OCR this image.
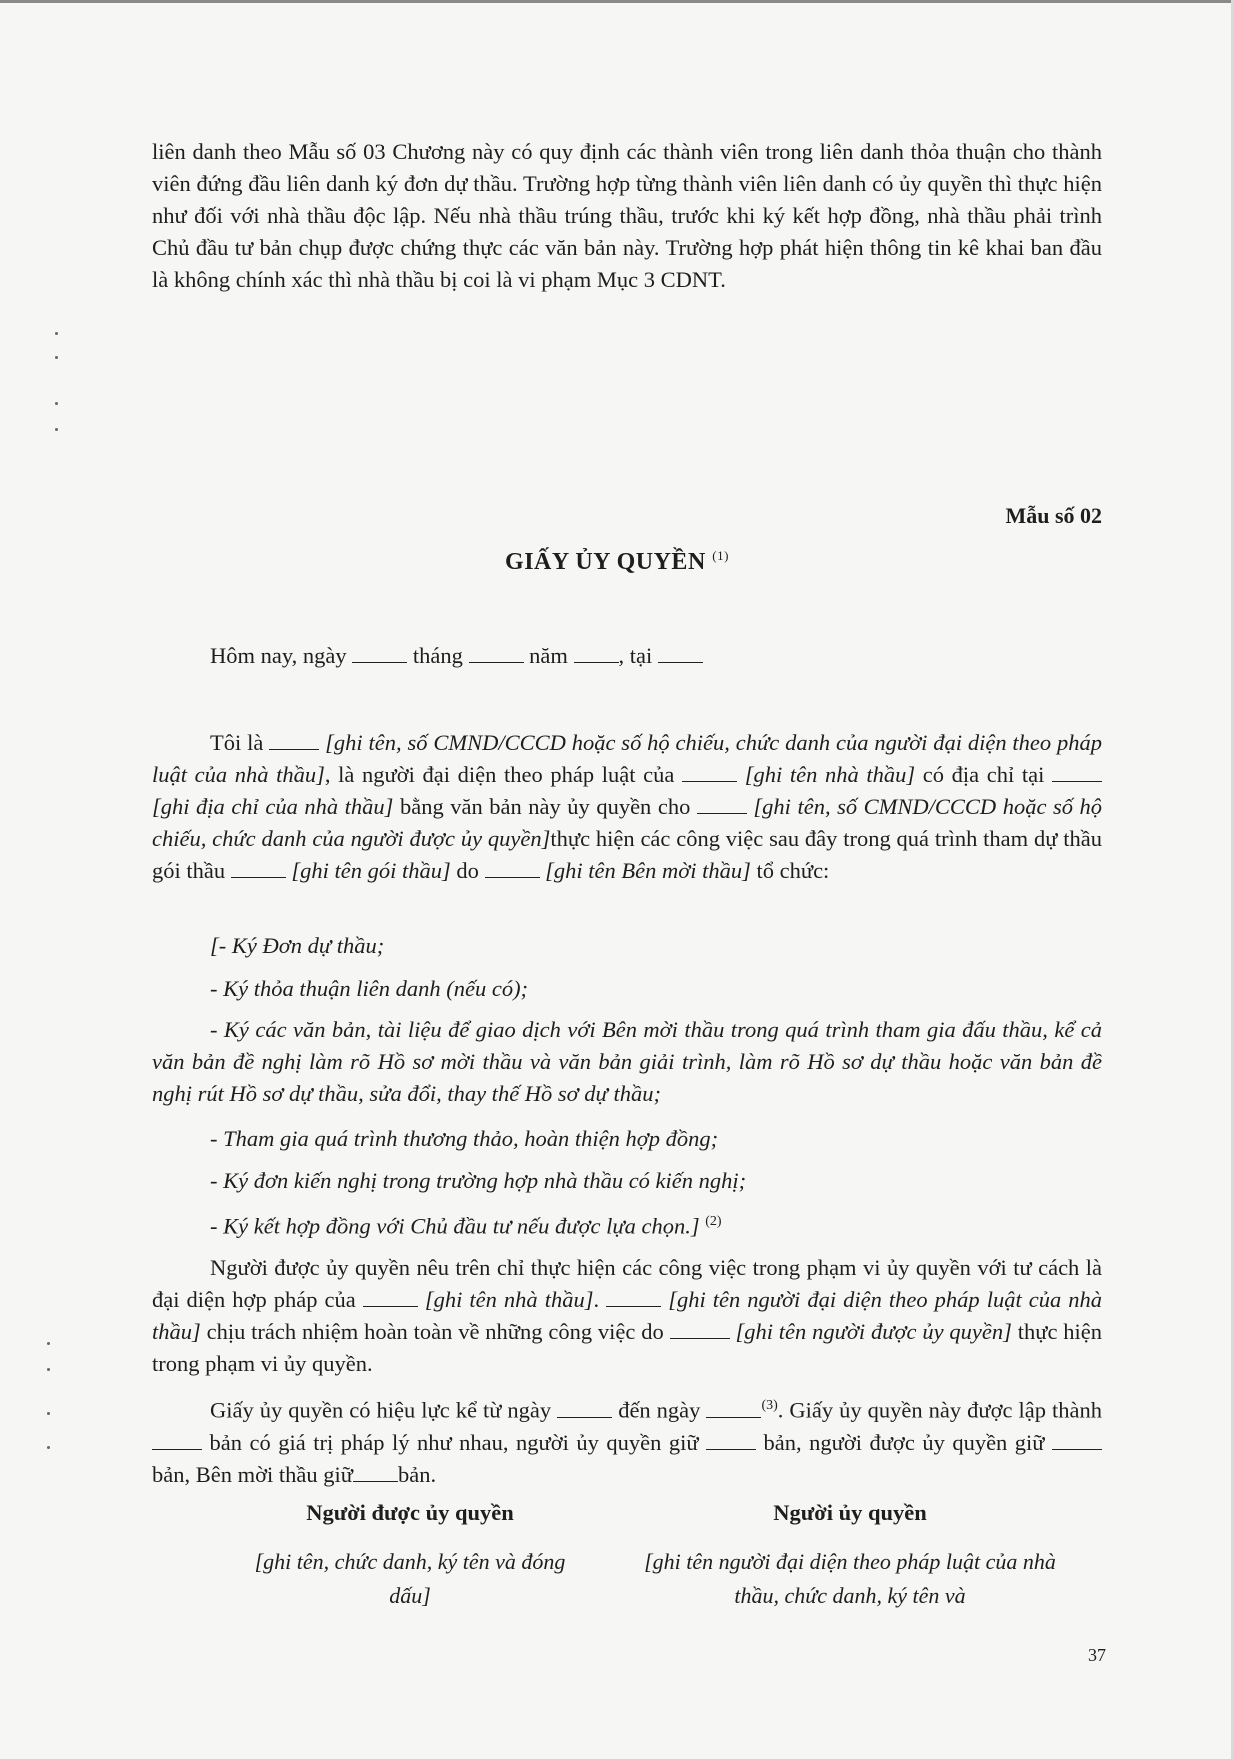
liên danh theo Mẫu số 03 Chương này có quy định các thành viên trong liên danh thỏa thuận cho thành viên đứng đầu liên danh ký đơn dự thầu. Trường hợp từng thành viên liên danh có ủy quyền thì thực hiện như đối với nhà thầu độc lập. Nếu nhà thầu trúng thầu, trước khi ký kết hợp đồng, nhà thầu phải trình Chủ đầu tư bản chụp được chứng thực các văn bản này. Trường hợp phát hiện thông tin kê khai ban đầu là không chính xác thì nhà thầu bị coi là vi phạm Mục 3 CDNT.

Mẫu số 02
GIẤY ỦY QUYỀN $^{(1)}$
Hôm nay, ngày	tháng	năm , tại

Tôi là	[ghi tên, số CMND/CCCD hoặc số hộ chiếu, chức danh của người đại diện theo pháp luật của nhà thầu], là người đại diện theo pháp luật của	[ghi tên nhà thầu] có địa chỉ tại  [ghi địa chỉ của nhà thầu] bằng văn bản này ủy quyền cho	[ghi tên, số CMND/CCCD hoặc số hộ chiếu, chức danh của người được ủy quyền]thực hiện các công việc sau đây trong quá trình tham dự thầu gói thầu	[ghi tên gói thầu] do	[ghi tên Bên mời thầu] tổ chức:

[- Ký Đơn dự thầu;

- Ký thỏa thuận liên danh (nếu có);

- Ký các văn bản, tài liệu để giao dịch với Bên mời thầu trong quá trình tham gia đấu thầu, kể cả văn bản đề nghị làm rõ Hồ sơ mời thầu và văn bản giải trình, làm rõ Hồ sơ dự thầu hoặc văn bản đề nghị rút Hồ sơ dự thầu, sửa đổi, thay thế Hồ sơ dự thầu;

- Tham gia quá trình thương thảo, hoàn thiện hợp đồng;

- Ký đơn kiến nghị trong trường hợp nhà thầu có kiến nghị;

- Ký kết hợp đồng với Chủ đầu tư nếu được lựa chọn.] $^{(2)}$

Người được ủy quyền nêu trên chỉ thực hiện các công việc trong phạm vi ủy quyền với tư cách là đại diện hợp pháp của	[ghi tên nhà thầu].	[ghi tên người đại diện theo pháp luật của nhà thầu] chịu trách nhiệm hoàn toàn về những công việc do	[ghi tên người được ủy quyền] thực hiện trong phạm vi ủy quyền.

Giấy ủy quyền có hiệu lực kể từ ngày	đến ngày	$^{(3)}$. Giấy ủy quyền này được lập thành  bản có giá trị pháp lý như nhau, người ủy quyền giữ	bản, người được ủy quyền giữ  bản, Bên mời thầu giữ bản.

Người được ủy quyền
[ghi tên, chức danh, ký tên và đóng dấu]
Người ủy quyền
[ghi tên người đại diện theo pháp luật của nhà thầu, chức danh, ký tên và
37
